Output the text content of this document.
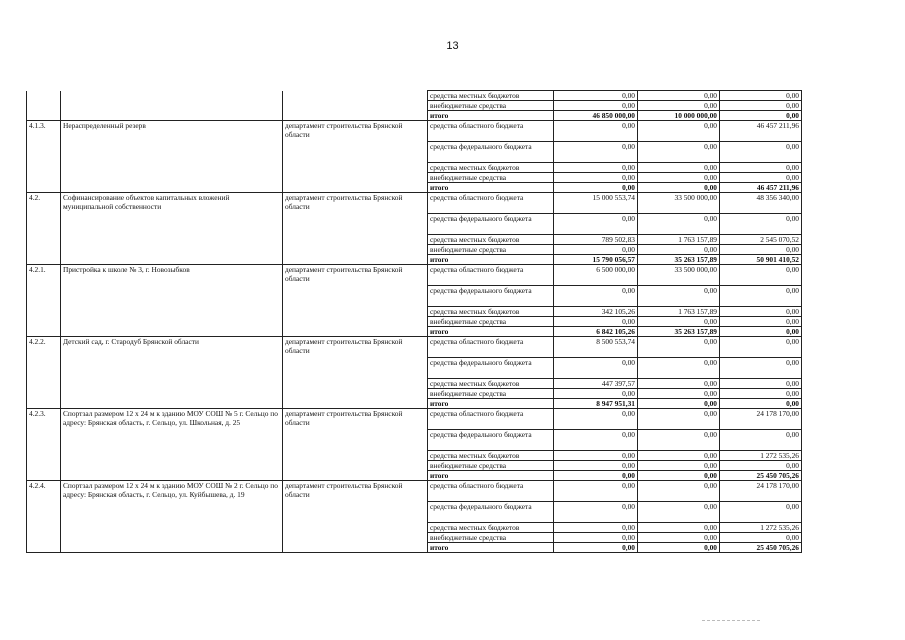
13
			средства местных бюджетов	0,00	0,00	0,00
			внебюджетные средства	0,00	0,00	0,00
			итого	46 850 000,00	10 000 000,00	0,00
4.1.3.	Нераспределенный резерв	департамент строительства Брянской области	средства областного бюджета	0,00	0,00	46 457 211,96
			средства федерального бюджета	0,00	0,00	0,00
			средства местных бюджетов	0,00	0,00	0,00
			внебюджетные средства	0,00	0,00	0,00
			итого	0,00	0,00	46 457 211,96
4.2.	Софинансирование объектов капитальных вложений муниципальной собственности	департамент строительства Брянской области	средства областного бюджета	15 000 553,74	33 500 000,00	48 356 340,00
			средства федерального бюджета	0,00	0,00	0,00
			средства местных бюджетов	789 502,83	1 763 157,89	2 545 070,52
			внебюджетные средства	0,00	0,00	0,00
			итого	15 790 056,57	35 263 157,89	50 901 410,52
4.2.1.	Пристройка к школе № 3, г. Новозыбков	департамент строительства Брянской области	средства областного бюджета	6 500 000,00	33 500 000,00	0,00
			средства федерального бюджета	0,00	0,00	0,00
			средства местных бюджетов	342 105,26	1 763 157,89	0,00
			внебюджетные средства	0,00	0,00	0,00
			итого	6 842 105,26	35 263 157,89	0,00
4.2.2.	Детский сад, г. Стародуб Брянской области	департамент строительства Брянской области	средства областного бюджета	8 500 553,74	0,00	0,00
			средства федерального бюджета	0,00	0,00	0,00
			средства местных бюджетов	447 397,57	0,00	0,00
			внебюджетные средства	0,00	0,00	0,00
			итого	8 947 951,31	0,00	0,00
4.2.3.	Спортзал размером 12 х 24 м к зданию МОУ СОШ № 5 г. Сельцо по адресу: Брянская область, г. Сельцо, ул. Школьная, д. 25	департамент строительства Брянской области	средства областного бюджета	0,00	0,00	24 178 170,00
			средства федерального бюджета	0,00	0,00	0,00
			средства местных бюджетов	0,00	0,00	1 272 535,26
			внебюджетные средства	0,00	0,00	0,00
			итого	0,00	0,00	25 450 705,26
4.2.4.	Спортзал размером 12 х 24 м к зданию МОУ СОШ № 2 г. Сельцо по адресу: Брянская область, г. Сельцо, ул. Куйбышева, д. 19	департамент строительства Брянской области	средства областного бюджета	0,00	0,00	24 178 170,00
			средства федерального бюджета	0,00	0,00	0,00
			средства местных бюджетов	0,00	0,00	1 272 535,26
			внебюджетные средства	0,00	0,00	0,00
			итого	0,00	0,00	25 450 705,26
